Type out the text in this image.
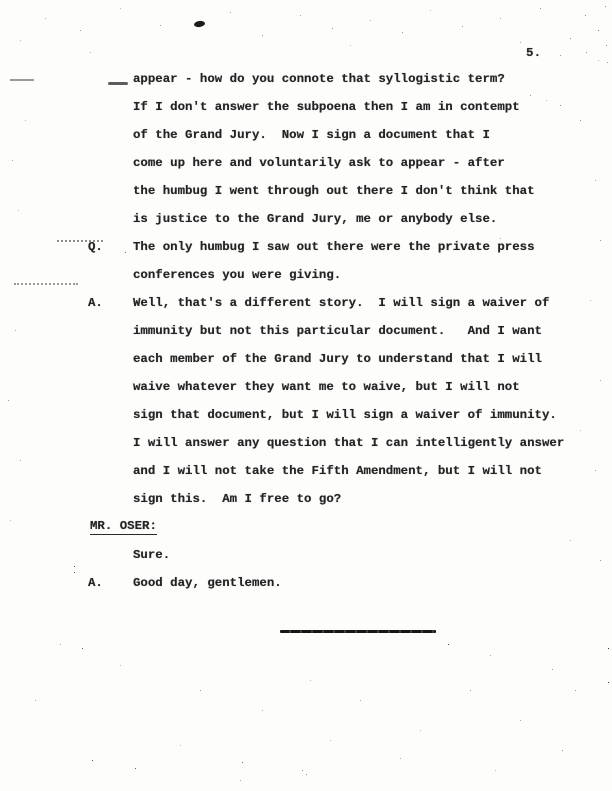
5.
appear - how do you connote that syllogistic term?
If I don't answer the subpoena then I am in contempt
of the Grand Jury.  Now I sign a document that I
come up here and voluntarily ask to appear - after
the humbug I went through out there I don't think that
is justice to the Grand Jury, me or anybody else.
Q. The only humbug I saw out there were the private press
conferences you were giving.
A. Well, that's a different story.  I will sign a waiver of
immunity but not this particular document.   And I want
each member of the Grand Jury to understand that I will
waive whatever they want me to waive, but I will not
sign that document, but I will sign a waiver of immunity.
I will answer any question that I can intelligently answer
and I will not take the Fifth Amendment, but I will not
sign this.  Am I free to go?
MR. OSER:
Sure.
A. Good day, gentlemen.
